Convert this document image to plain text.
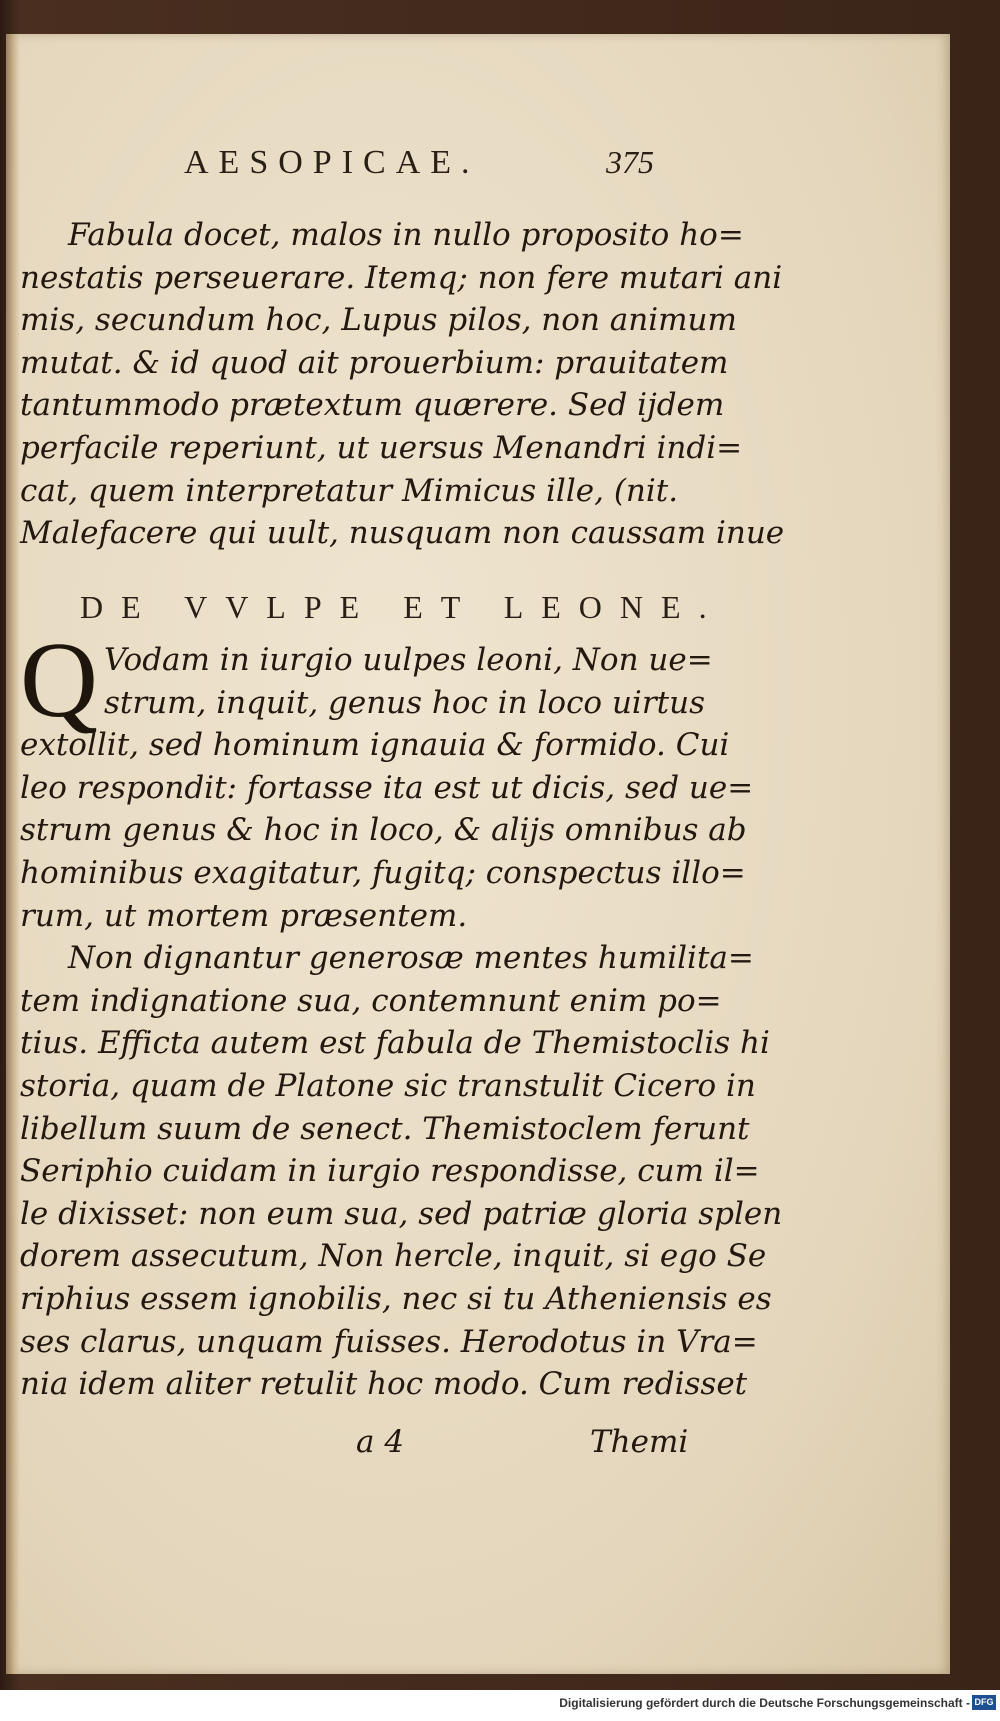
AESOPICAE.	375
Fabula docet, malos in nullo proposito ho=
nestatis perseuerare. Itemq; non fere mutari ani
mis, secundum hoc, Lupus pilos, non animum
mutat. & id quod ait prouerbium: prauitatem
tantummodo prætextum quærere. Sed ijdem
perfacile reperiunt, ut uersus Menandri indi=
cat, quem interpretatur Mimicus ille, (nit.
Malefacere qui uult, nusquam non caussam inue
DE VVLPE ET LEONE.
Q Vodam in iurgio uulpes leoni, Non ue=
strum, inquit, genus hoc in loco uirtus
extollit, sed hominum ignauia & formido. Cui
leo respondit: fortasse ita est ut dicis, sed ue=
strum genus & hoc in loco, & alijs omnibus ab
hominibus exagitatur, fugitq; conspectus illo=
rum, ut mortem præsentem.
Non dignantur generosæ mentes humilita=
tem indignatione sua, contemnunt enim po=
tius. Effictа autem est fabula de Themistoclis hi
storia, quam de Platone sic transtulit Cicero in
libellum suum de senect. Themistoclem ferunt
Seriphio cuidam in iurgio respondisse, cum il=
le dixisset: non eum sua, sed patriæ gloria splen
dorem assecutum, Non hercle, inquit, si ego Se
riphius essem ignobilis, nec si tu Atheniensis es
ses clarus, unquam fuisses. Herodotus in Vra=
nia idem aliter retulit hoc modo. Cum redisset
a 4	Themi
Digitalisierung gefördert durch die Deutsche Forschungsgemeinschaft - DFG
